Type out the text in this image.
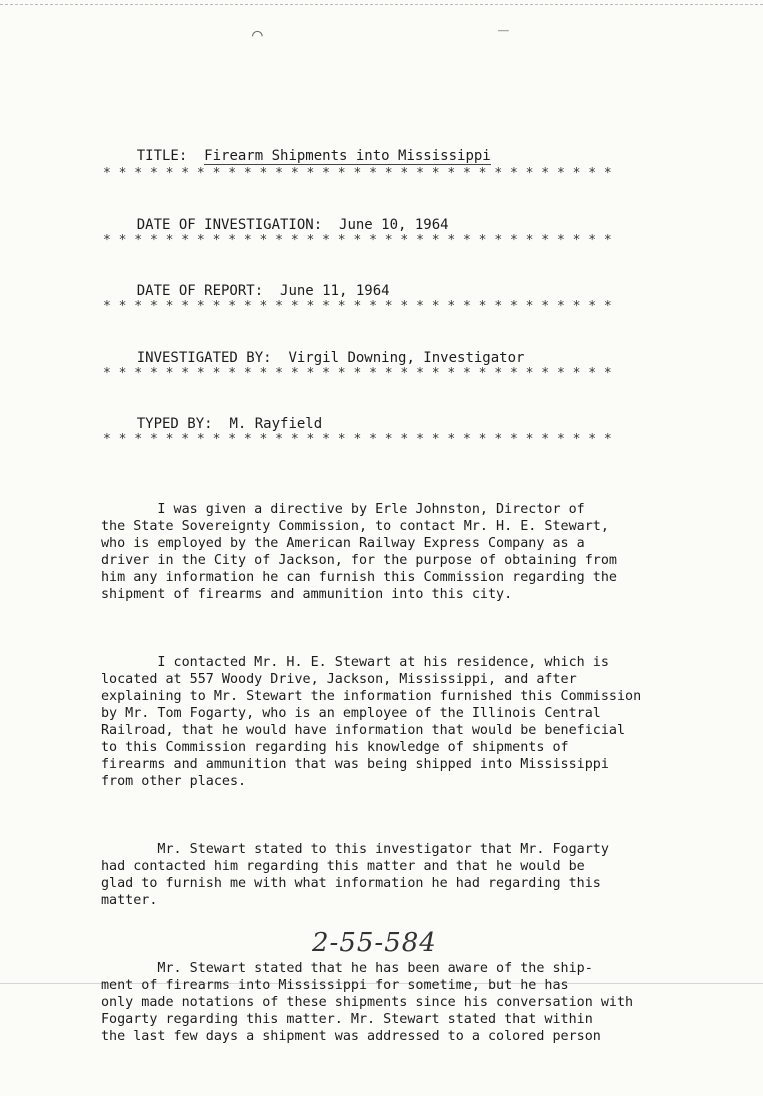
⌒	‾

TITLE: Firearm Shipments into Mississippi

* * * * * * * * * * * * * * * * * * * * * * * * * * * * * * * * *

DATE OF INVESTIGATION: June 10, 1964

* * * * * * * * * * * * * * * * * * * * * * * * * * * * * * * * *

DATE OF REPORT: June 11, 1964

* * * * * * * * * * * * * * * * * * * * * * * * * * * * * * * * *

INVESTIGATED BY: Virgil Downing, Investigator

* * * * * * * * * * * * * * * * * * * * * * * * * * * * * * * * *

TYPED BY: M. Rayfield

* * * * * * * * * * * * * * * * * * * * * * * * * * * * * * * * *

I was given a directive by Erle Johnston, Director of
the State Sovereignty Commission, to contact Mr. H. E. Stewart,
who is employed by the American Railway Express Company as a
driver in the City of Jackson, for the purpose of obtaining from
him any information he can furnish this Commission regarding the
shipment of firearms and ammunition into this city.

I contacted Mr. H. E. Stewart at his residence, which is
located at 557 Woody Drive, Jackson, Mississippi, and after
explaining to Mr. Stewart the information furnished this Commission
by Mr. Tom Fogarty, who is an employee of the Illinois Central
Railroad, that he would have information that would be beneficial
to this Commission regarding his knowledge of shipments of
firearms and ammunition that was being shipped into Mississippi
from other places.

Mr. Stewart stated to this investigator that Mr. Fogarty
had contacted him regarding this matter and that he would be
glad to furnish me with what information he had regarding this
matter.

Mr. Stewart stated that he has been aware of the ship-
ment of firearms into Mississippi for sometime, but he has
only made notations of these shipments since his conversation with
Fogarty regarding this matter. Mr. Stewart stated that within
the last few days a shipment was addressed to a colored person

2-55-584
